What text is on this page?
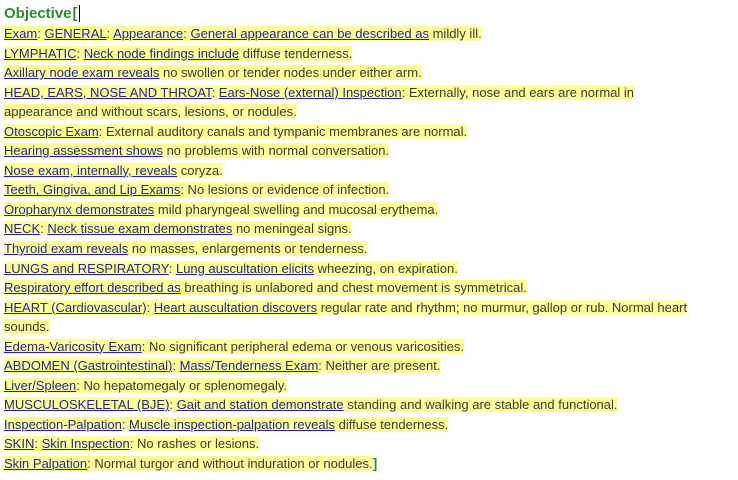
Objective [
Exam: GENERAL: Appearance: General appearance can be described as mildly ill.
LYMPHATIC: Neck node findings include diffuse tenderness.
Axillary node exam reveals no swollen or tender nodes under either arm.
HEAD, EARS, NOSE AND THROAT: Ears-Nose (external) Inspection: Externally, nose and ears are normal in appearance and without scars, lesions, or nodules.
Otoscopic Exam: External auditory canals and tympanic membranes are normal.
Hearing assessment shows no problems with normal conversation.
Nose exam, internally, reveals coryza.
Teeth, Gingiva, and Lip Exams: No lesions or evidence of infection.
Oropharynx demonstrates mild pharyngeal swelling and mucosal erythema.
NECK: Neck tissue exam demonstrates no meningeal signs.
Thyroid exam reveals no masses, enlargements or tenderness.
LUNGS and RESPIRATORY: Lung auscultation elicits wheezing, on expiration.
Respiratory effort described as breathing is unlabored and chest movement is symmetrical.
HEART (Cardiovascular): Heart auscultation discovers regular rate and rhythm; no murmur, gallop or rub. Normal heart sounds.
Edema-Varicosity Exam: No significant peripheral edema or venous varicosities.
ABDOMEN (Gastrointestinal): Mass/Tenderness Exam: Neither are present.
Liver/Spleen: No hepatomegaly or splenomegaly.
MUSCULOSKELETAL (BJE): Gait and station demonstrate standing and walking are stable and functional.
Inspection-Palpation: Muscle inspection-palpation reveals diffuse tenderness.
SKIN: Skin Inspection: No rashes or lesions.
Skin Palpation: Normal turgor and without induration or nodules.]
